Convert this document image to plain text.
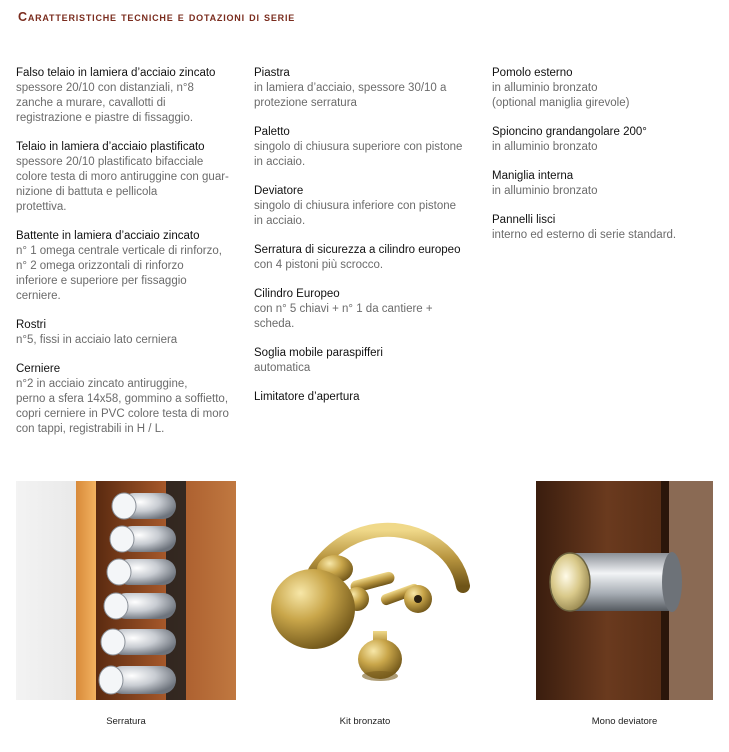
Caratteristiche tecniche e dotazioni di serie
Falso telaio in lamiera d’acciaio zincato
spessore 20/10 con distanziali, n°8
zanche a murare, cavallotti di
registrazione e piastre di fissaggio.
Telaio in lamiera d’acciaio plastificato
spessore 20/10 plastificato bifacciale
colore testa di moro antiruggine con guar-
nizione di battuta e pellicola
protettiva.
Battente in lamiera d’acciaio zincato
n° 1 omega centrale verticale di rinforzo,
n° 2 omega orizzontali di rinforzo
inferiore e superiore per fissaggio
cerniere.
Rostri
n°5, fissi in acciaio lato cerniera
Cerniere
n°2 in acciaio zincato antiruggine,
perno a sfera 14x58, gommino a soffietto,
copri cerniere in PVC colore testa di moro
con tappi, registrabili in H / L.
Piastra
in lamiera d’acciaio, spessore 30/10 a
protezione serratura
Paletto
singolo di chiusura superiore con pistone
in acciaio.
Deviatore
singolo di chiusura inferiore con pistone
in acciaio.
Serratura di sicurezza a cilindro europeo
con 4 pistoni più scrocco.
Cilindro Europeo
con n° 5 chiavi + n° 1 da cantiere +
scheda.
Soglia mobile paraspifferi
automatica
Limitatore d’apertura
Pomolo esterno
in alluminio bronzato
(optional maniglia girevole)
Spioncino grandangolare 200°
in alluminio bronzato
Maniglia interna
in alluminio bronzato
Pannelli lisci
interno ed esterno di serie standard.
Serratura	Kit bronzato	Mono deviatore
